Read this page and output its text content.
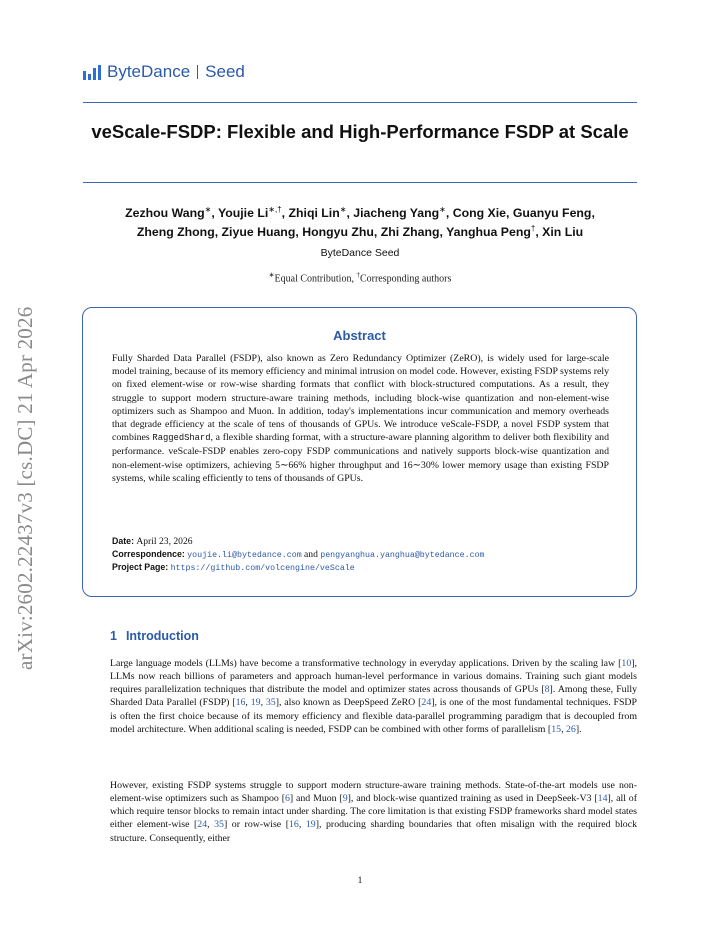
arXiv:2602.22437v3 [cs.DC] 21 Apr 2026
ByteDance Seed
veScale-FSDP: Flexible and High-Performance FSDP at Scale
Zezhou Wang∗, Youjie Li∗,†, Zhiqi Lin∗, Jiacheng Yang∗, Cong Xie, Guanyu Feng,
Zheng Zhong, Ziyue Huang, Hongyu Zhu, Zhi Zhang, Yanghua Peng†, Xin Liu
ByteDance Seed
∗Equal Contribution, †Corresponding authors
Abstract
Fully Sharded Data Parallel (FSDP), also known as Zero Redundancy Optimizer (ZeRO), is widely used for large-scale model training, because of its memory efficiency and minimal intrusion on model code. However, existing FSDP systems rely on fixed element-wise or row-wise sharding formats that conflict with block-structured computations. As a result, they struggle to support modern structure-aware training methods, including block-wise quantization and non-element-wise optimizers such as Shampoo and Muon. In addition, today's implementations incur communication and memory overheads that degrade efficiency at the scale of tens of thousands of GPUs. We introduce veScale-FSDP, a novel FSDP system that combines RaggedShard, a flexible sharding format, with a structure-aware planning algorithm to deliver both flexibility and performance. veScale-FSDP enables zero-copy FSDP communications and natively supports block-wise quantization and non-element-wise optimizers, achieving 5∼66% higher throughput and 16∼30% lower memory usage than existing FSDP systems, while scaling efficiently to tens of thousands of GPUs.
Date: April 23, 2026
Correspondence: youjie.li@bytedance.com and pengyanghua.yanghua@bytedance.com
Project Page: https://github.com/volcengine/veScale
1 Introduction
Large language models (LLMs) have become a transformative technology in everyday applications. Driven by the scaling law [10], LLMs now reach billions of parameters and approach human-level performance in various domains. Training such giant models requires parallelization techniques that distribute the model and optimizer states across thousands of GPUs [8]. Among these, Fully Sharded Data Parallel (FSDP) [16, 19, 35], also known as DeepSpeed ZeRO [24], is one of the most fundamental techniques. FSDP is often the first choice because of its memory efficiency and flexible data-parallel programming paradigm that is decoupled from model architecture. When additional scaling is needed, FSDP can be combined with other forms of parallelism [15, 26].
However, existing FSDP systems struggle to support modern structure-aware training methods. State-of-the-art models use non-element-wise optimizers such as Shampoo [6] and Muon [9], and block-wise quantized training as used in DeepSeek-V3 [14], all of which require tensor blocks to remain intact under sharding. The core limitation is that existing FSDP frameworks shard model states either element-wise [24, 35] or row-wise [16, 19], producing sharding boundaries that often misalign with the required block structure. Consequently, either
1
